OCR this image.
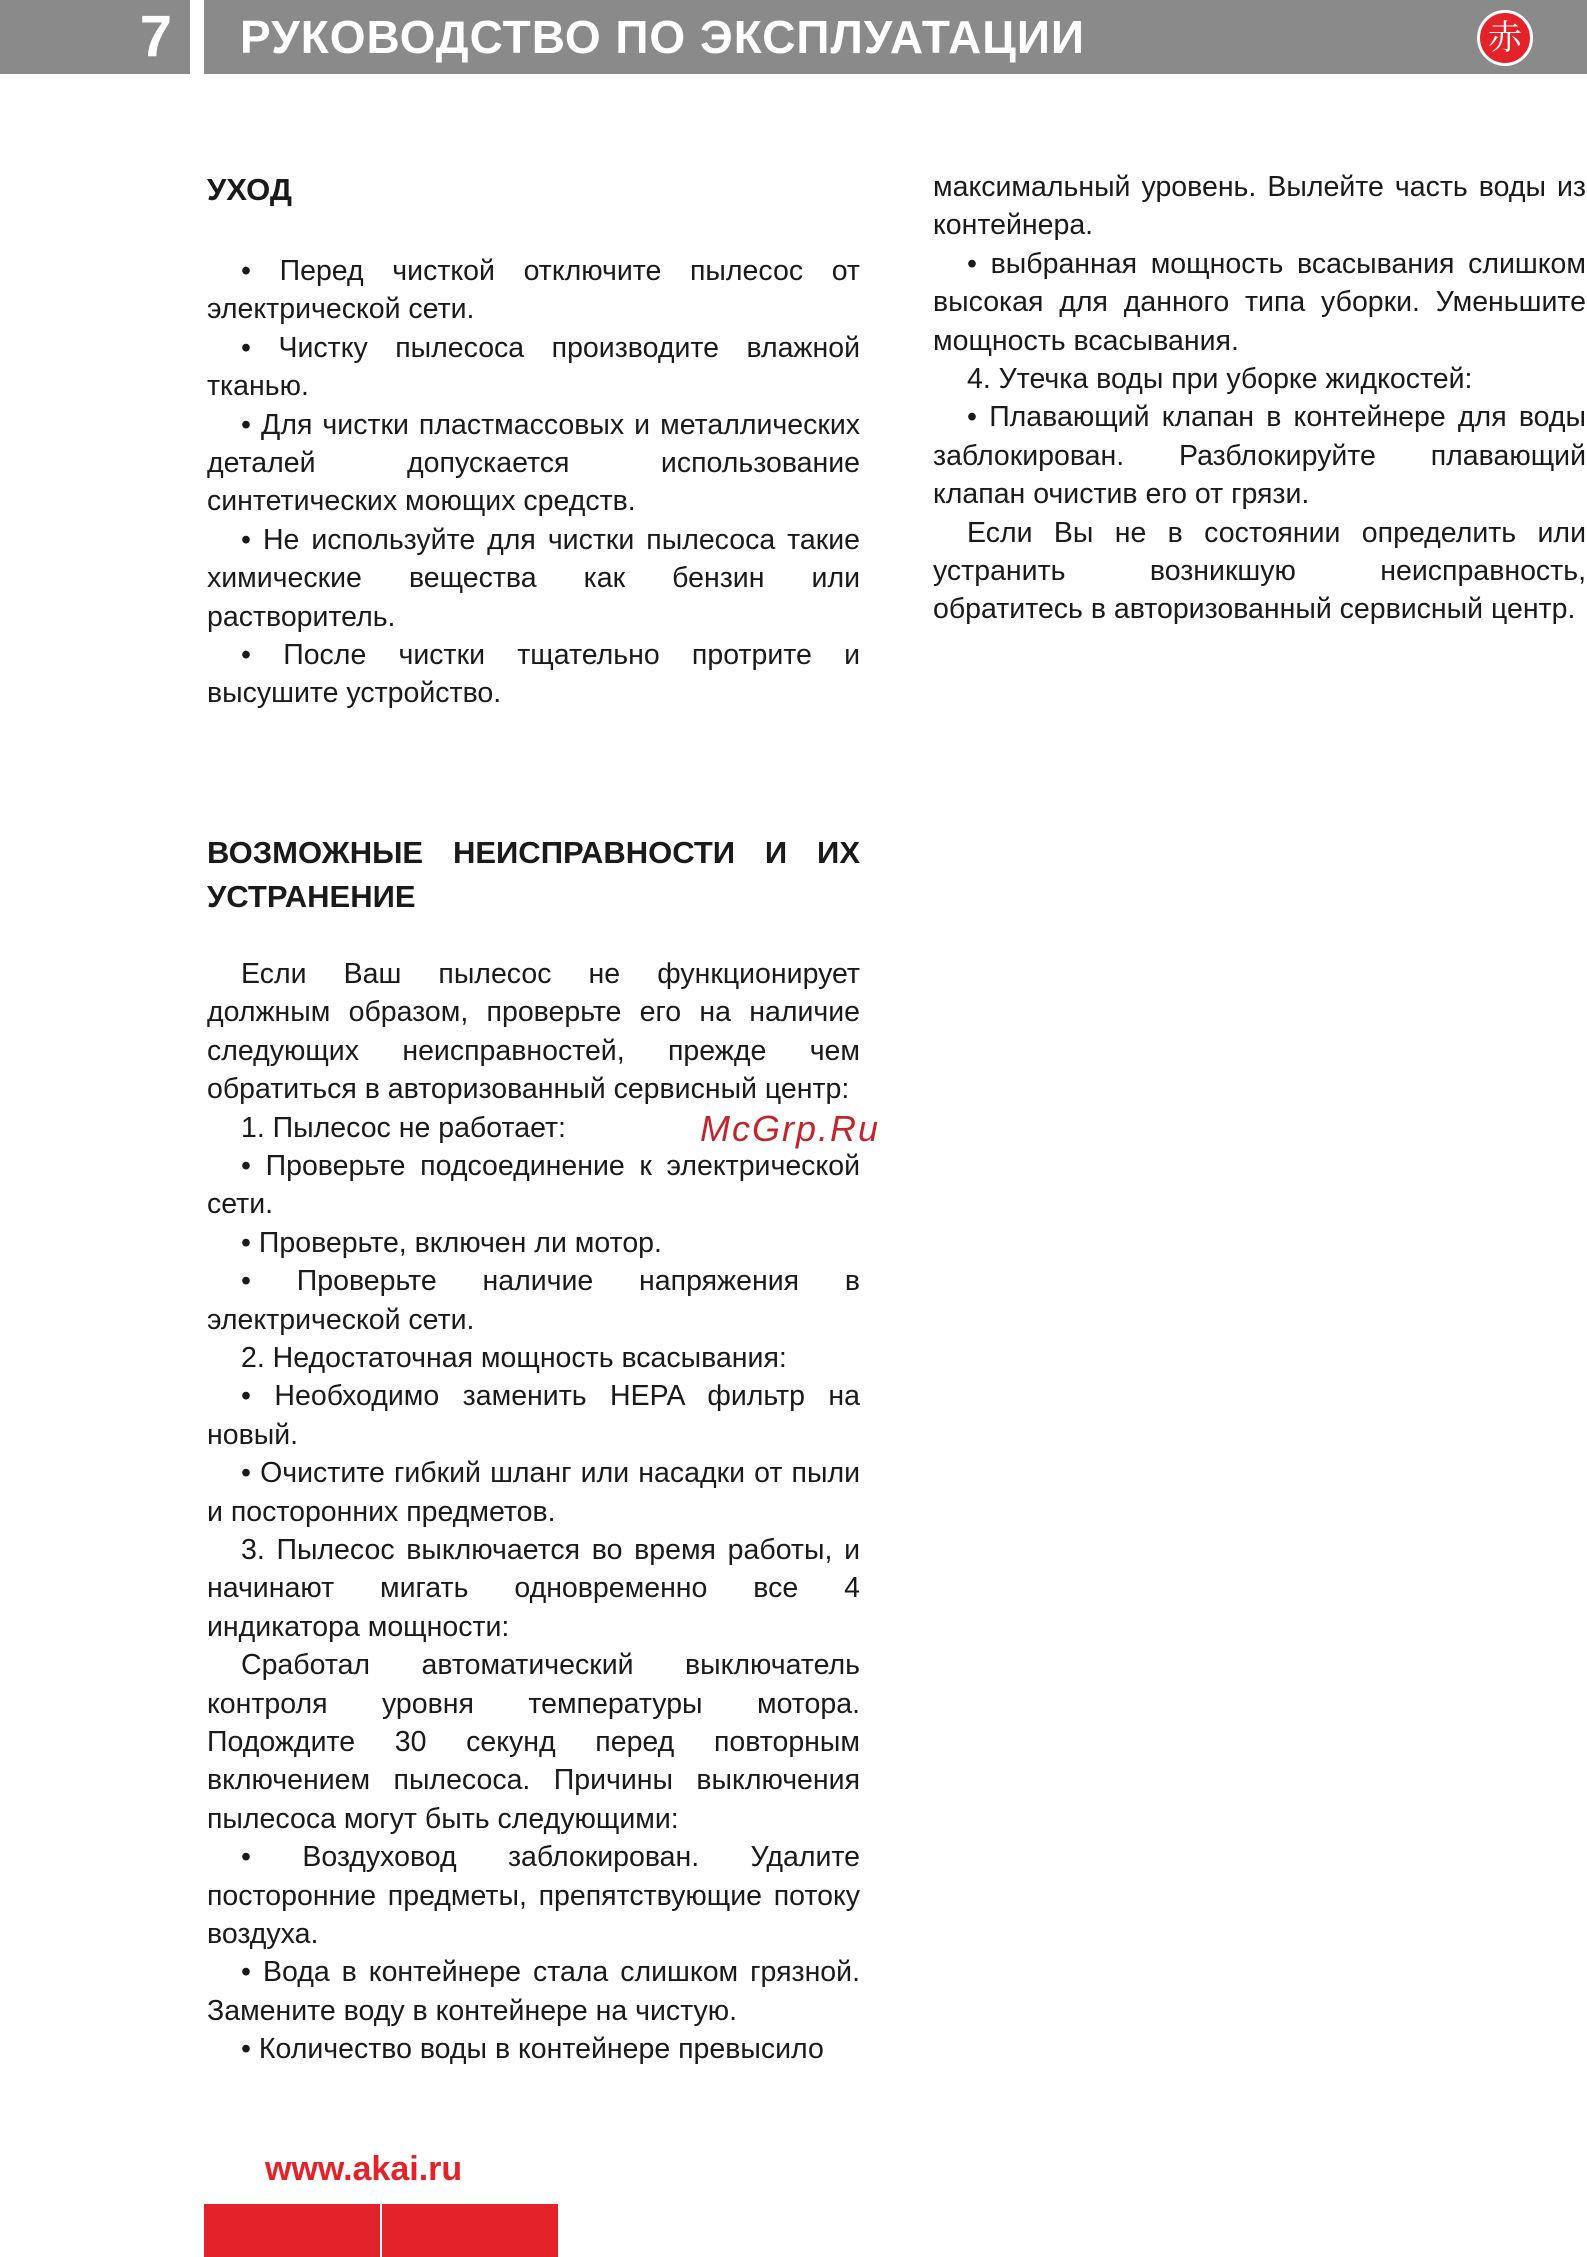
7	РУКОВОДСТВО ПО ЭКСПЛУАТАЦИИ	赤

УХОД

• Перед чисткой отключите пылесос от электрической сети.

• Чистку пылесоса производите влажной тканью.

• Для чистки пластмассовых и металлических деталей допускается использование синтетических моющих средств.

• Не используйте для чистки пылесоса такие химические вещества как бензин или растворитель.

• После чистки тщательно протрите и высушите устройство.

ВОЗМОЖНЫЕ НЕИСПРАВНОСТИ И ИХ УСТРАНЕНИЕ

Если Ваш пылесос не функционирует должным образом, проверьте его на наличие следующих неисправностей, прежде чем обратиться в авторизованный сервисный центр:

1. Пылесос не работает:

• Проверьте подсоединение к электрической сети.

• Проверьте, включен ли мотор.

• Проверьте наличие напряжения в электрической сети.

2. Недостаточная мощность всасывания:

• Необходимо заменить HEPA фильтр на новый.

• Очистите гибкий шланг или насадки от пыли и посторонних предметов.

3. Пылесос выключается во время работы, и начинают мигать одновременно все 4 индикатора мощности:

Сработал автоматический выключатель контроля уровня температуры мотора. Подождите 30 секунд перед повторным включением пылесоса. Причины выключения пылесоса могут быть следующими:

• Воздуховод заблокирован. Удалите посторонние предметы, препятствующие потоку воздуха.

• Вода в контейнере стала слишком грязной. Замените воду в контейнере на чистую.

• Количество воды в контейнере превысило

максимальный уровень. Вылейте часть воды из контейнера.

• выбранная мощность всасывания слишком высокая для данного типа уборки. Уменьшите мощность всасывания.

4. Утечка воды при уборке жидкостей:

• Плавающий клапан в контейнере для воды заблокирован. Разблокируйте плавающий клапан очистив его от грязи.

Если Вы не в состоянии определить или устранить возникшую неисправность, обратитесь в авторизованный сервисный центр.

McGrp.Ru
www.akai.ru
